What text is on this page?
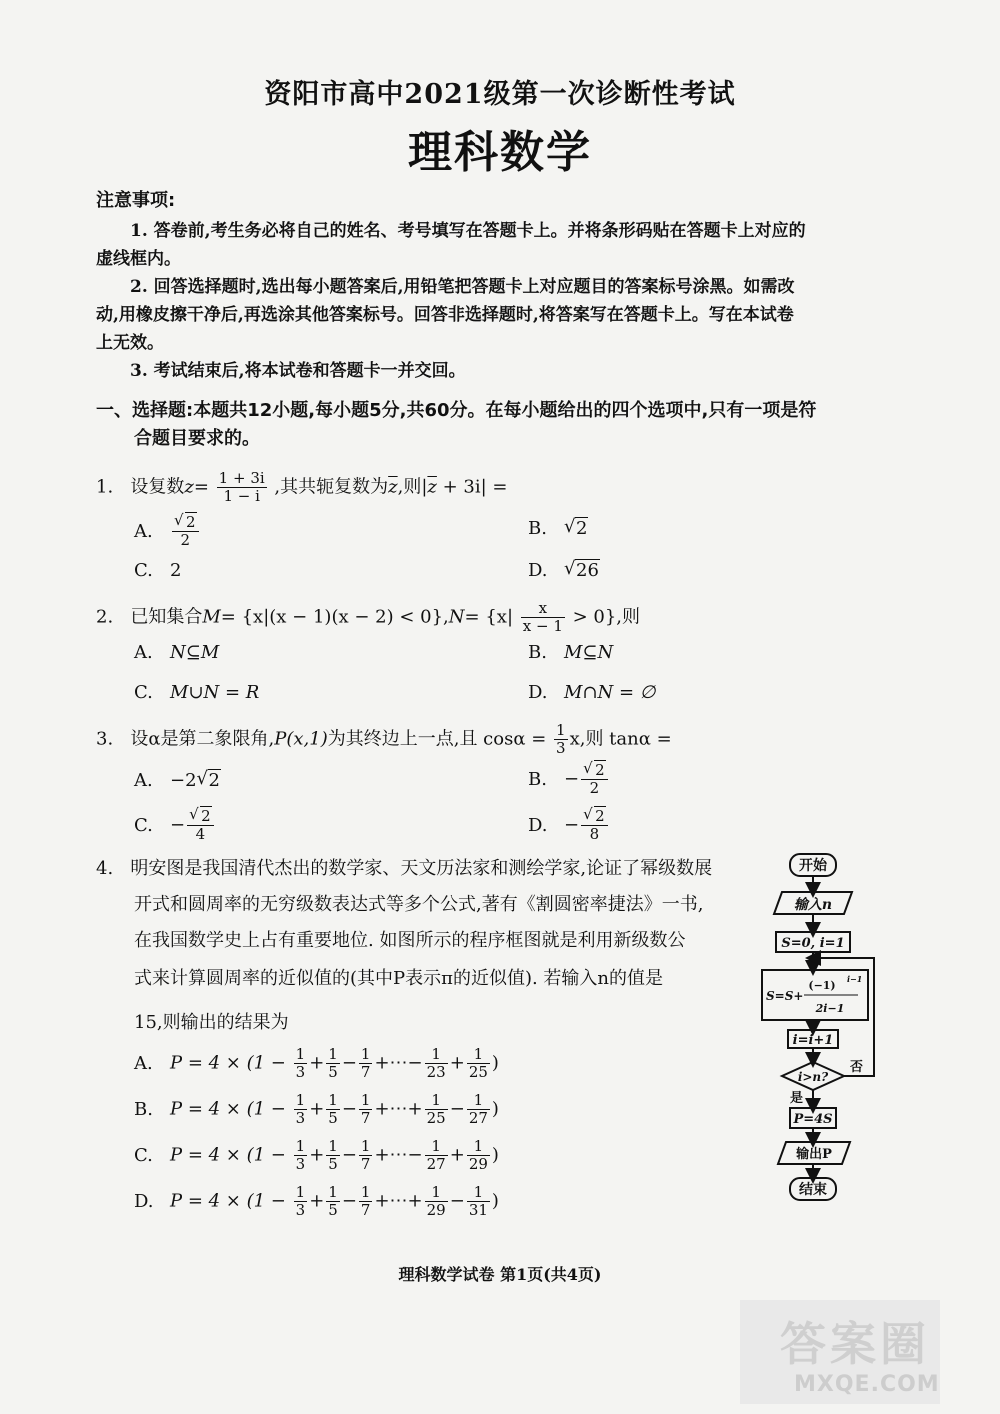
资阳市高中2021级第一次诊断性考试
理科数学
注意事项:
1. 答卷前,考生务必将自己的姓名、考号填写在答题卡上。并将条形码贴在答题卡上对应的
虚线框内。
2. 回答选择题时,选出每小题答案后,用铅笔把答题卡上对应题目的答案标号涂黑。如需改
动,用橡皮擦干净后,再选涂其他答案标号。回答非选择题时,将答案写在答题卡上。写在本试卷
上无效。
3. 考试结束后,将本试卷和答题卡一并交回。
一、选择题:本题共12小题,每小题5分,共60分。在每小题给出的四个选项中,只有一项是符
合题目要求的。
1. 设复数$z= \frac{1 + 3i}{1 - i}$ ,其共轭复数为$\overline{z}$,则$|\overline{z} + 3i|$ =
A. √ $\frac{2}{2}$	B. √ 2
C. 2	D. √ 26
2. 已知集合$M= \{x|(x - 1)(x - 2) < 0\},N= \{x| \frac{x}{x - 1} > 0\}$,则
A. N⊆M	B. M⊆N
C. M∪N = R	D. M∩N = ∅
3. 设α是第二象限角,P(x,1)为其终边上一点,且 $\cos\alpha = \frac{1}{3} x$,则 tanα =
A. −2 √ 2	B. − √ $\frac{2}{2}$
C. − √ $\frac{2}{4}$	D. − √ $\frac{2}{8}$
4. 明安图是我国清代杰出的数学家、天文历法家和测绘学家,论证了幂级数展
开式和圆周率的无穷级数表达式等多个公式,著有《割圆密率捷法》一书,
在我国数学史上占有重要地位. 如图所示的程序框图就是利用新级数公
式来计算圆周率的近似值的(其中P表示π的近似值). 若输入n的值是
15,则输出的结果为
A. $P = 4 \times (1 - \frac{1}{3} + \frac{1}{5} - \frac{1}{7}$ +⋯− $\frac{1}{23} + \frac{1}{25}$ )
B. $P = 4 \times (1 - \frac{1}{3} + \frac{1}{5} - \frac{1}{7}$ +⋯+ $\frac{1}{25} - \frac{1}{27}$ )
C. $P = 4 \times (1 - \frac{1}{3} + \frac{1}{5} - \frac{1}{7}$ +⋯− $\frac{1}{27} + \frac{1}{29}$ )
D. $P = 4 \times (1 - \frac{1}{3} + \frac{1}{5} - \frac{1}{7}$ +⋯+ $\frac{1}{29} - \frac{1}{31}$ )
开始
输入n
S=0, i=1
S=S+
(−1) i−1
2i−1
i=i+1
i>n?
否
是
P=4S
输出P
结束
理科数学试卷 第1页(共4页)
答案圈
MXQE.COM
